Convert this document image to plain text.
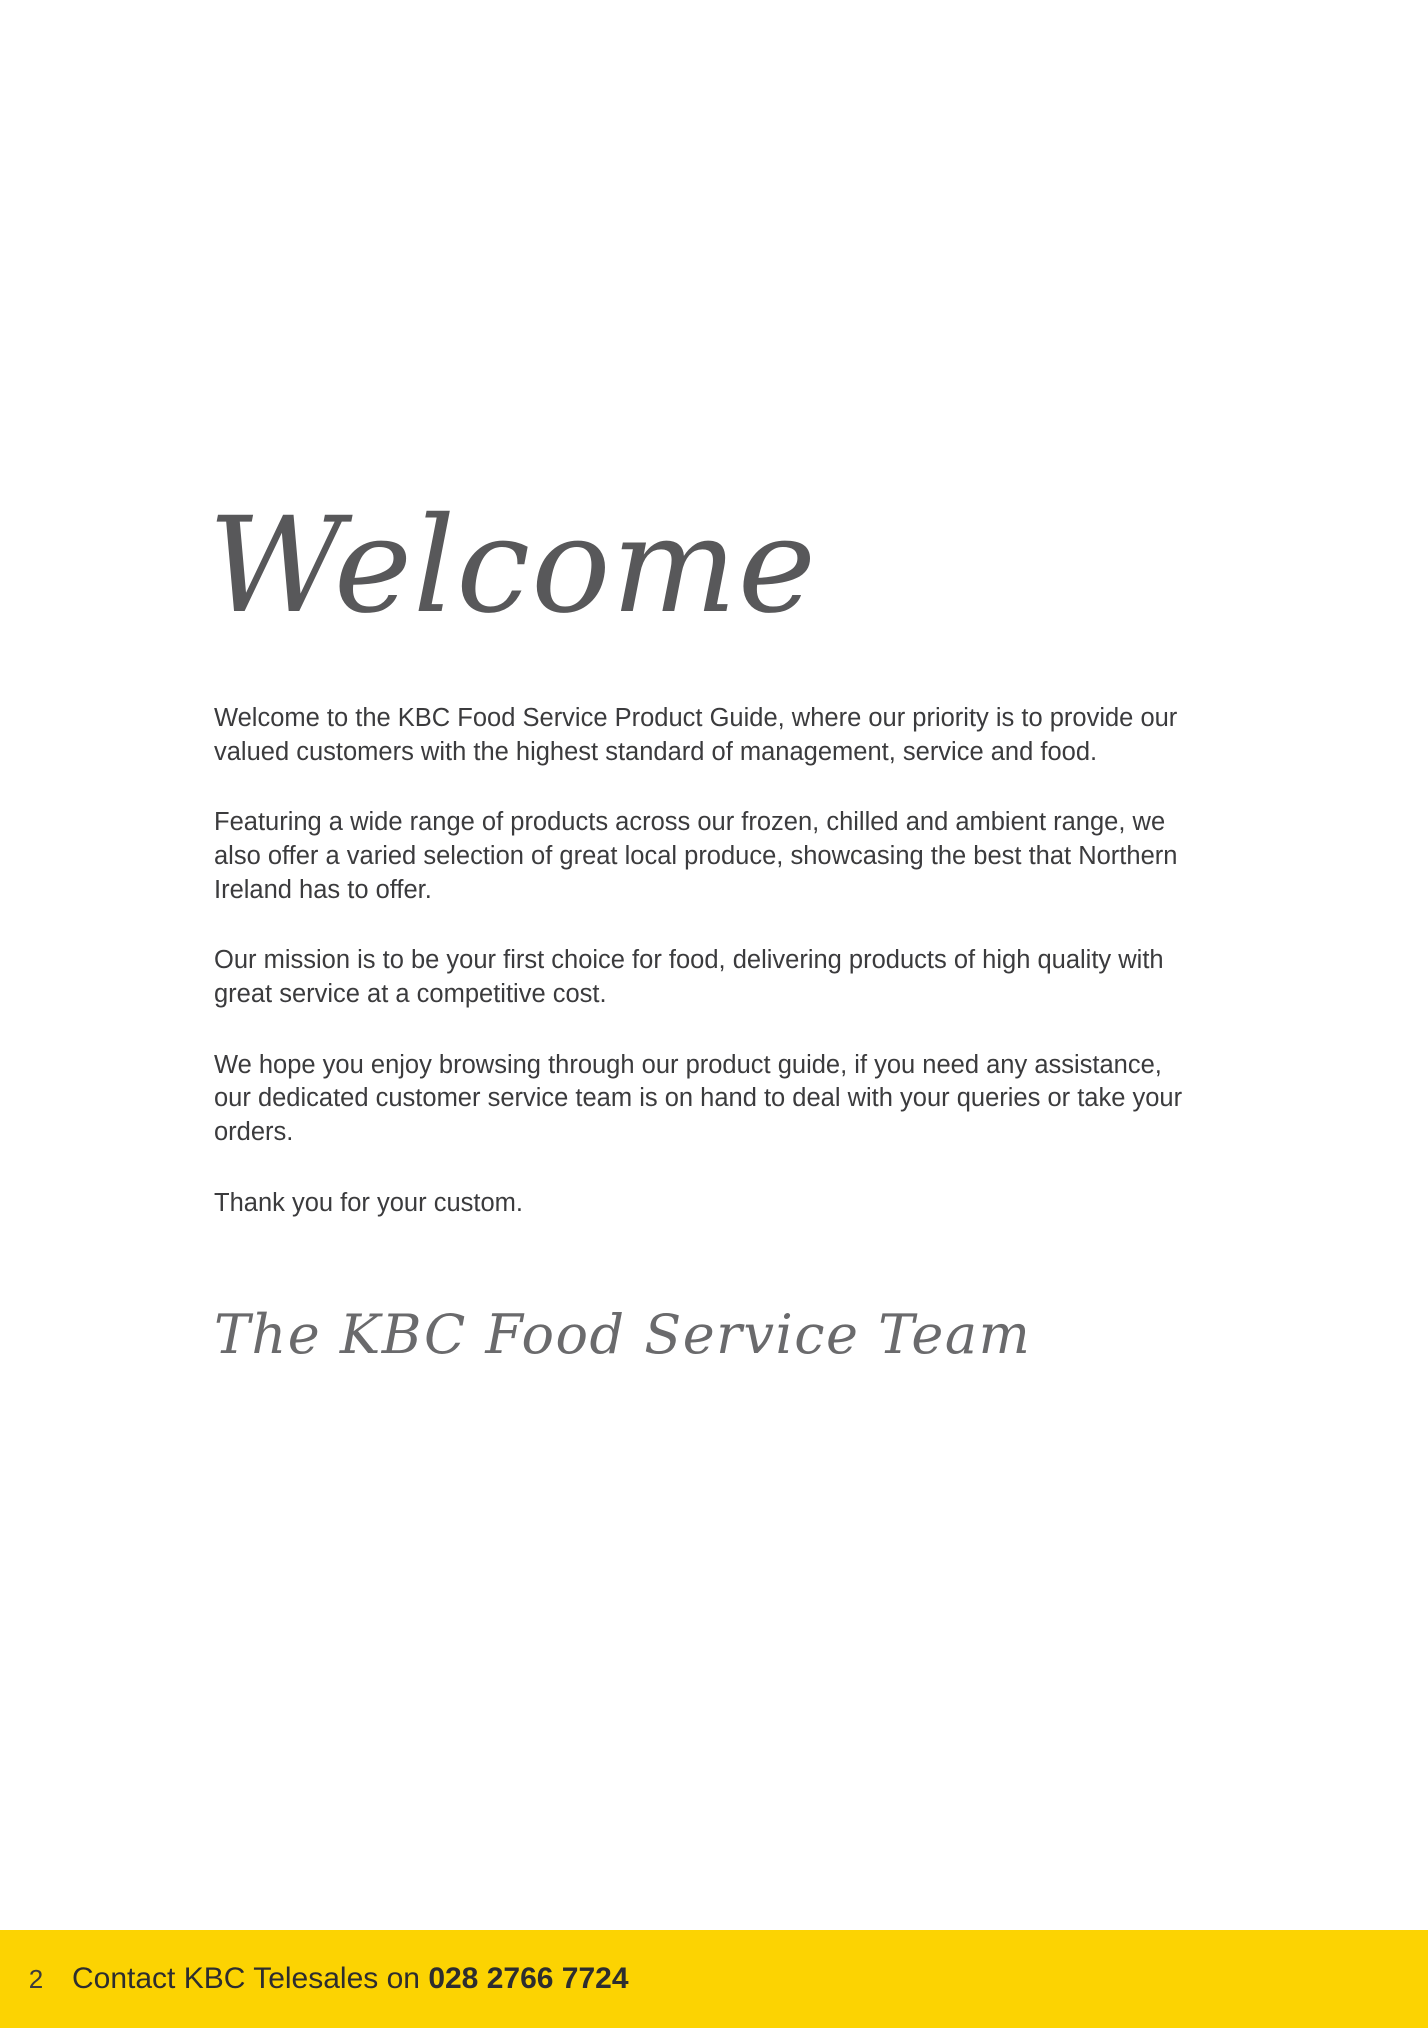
Welcome

Welcome to the KBC Food Service Product Guide, where our priority is to provide our valued customers with the highest standard of management, service and food.

Featuring a wide range of products across our frozen, chilled and ambient range, we also offer a varied selection of great local produce, showcasing the best that Northern Ireland has to offer.

Our mission is to be your first choice for food, delivering products of high quality with great service at a competitive cost.

We hope you enjoy browsing through our product guide, if you need any assistance, our dedicated customer service team is on hand to deal with your queries or take your orders.

Thank you for your custom.

The KBC Food Service Team
2 Contact KBC Telesales on 028 2766 7724
